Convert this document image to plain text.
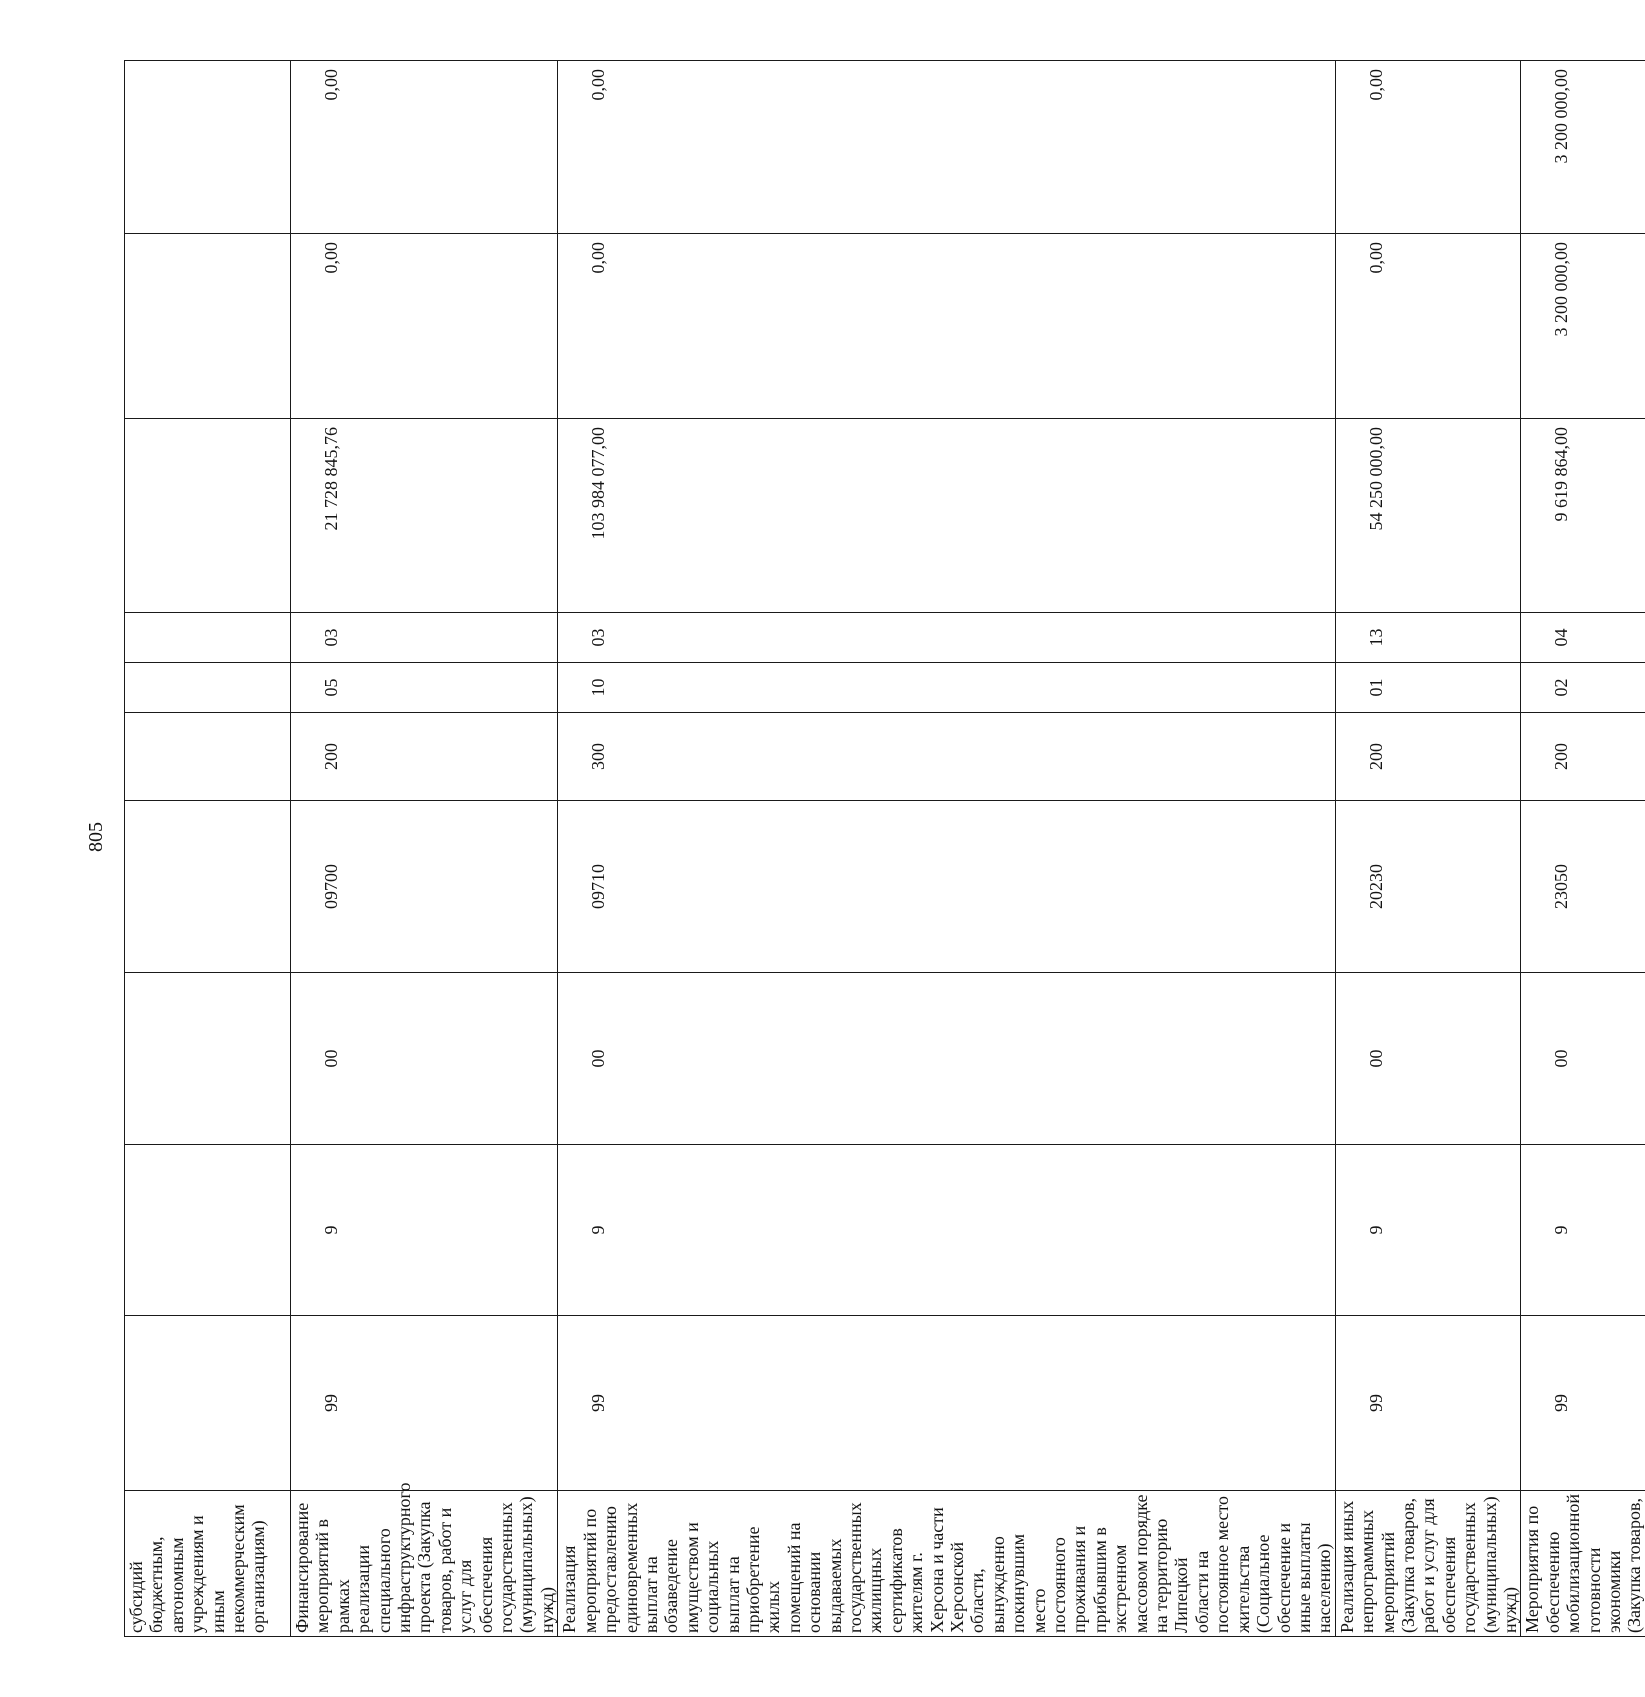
805
субсидий бюджетным, автономным учреждениям и иным некоммерческим организациям)										
Финансирование мероприятий в рамках реализации специального инфраструктурного проекта (Закупка товаров, работ и услуг для обеспечения государственных (муниципальных) нужд)	99	9	00	09700	200	05	03	21 728 845,76	0,00	0,00
Реализация мероприятий по предоставлению единовременных выплат на обзаведение имуществом и социальных выплат на приобретение жилых помещений на основании выдаваемых государственных жилищных сертификатов жителям г. Херсона и части Херсонской области, вынужденно покинувшим место постоянного проживания и прибывшим в экстренном массовом порядке на территорию Липецкой области на постоянное место жительства (Социальное обеспечение и иные выплаты населению)	99	9	00	09710	300	10	03	103 984 077,00	0,00	0,00
Реализация иных непрограммных мероприятий (Закупка товаров, работ и услуг для обеспечения государственных (муниципальных) нужд)	99	9	00	20230	200	01	13	54 250 000,00	0,00	0,00
Мероприятия по обеспечению мобилизационной готовности экономики (Закупка товаров,	99	9	00	23050	200	02	04	9 619 864,00	3 200 000,00	3 200 000,00
